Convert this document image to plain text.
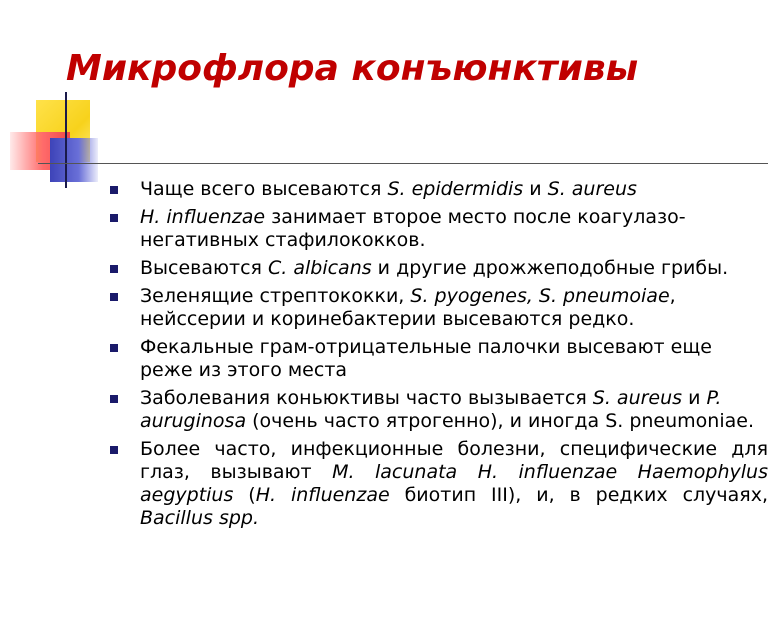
Микрофлора конъюнктивы
Чаще всего высеваются S. epidermidis и S. aureus
H. influenzae занимает второе место после коагулазо-негативных стафилококков.
Высеваются C. albicans и другие дрожжеподобные грибы.
Зеленящие стрептококки, S. pyogenes, S. pneumoiae, нейссерии и коринебактерии высеваются редко.
Фекальные грам-отрицательные палочки высевают еще реже из этого места
Заболевания коньюктивы часто вызывается S. aureus и P. auruginosa (очень часто ятрогенно), и иногда S. pneumoniae.
Более часто, инфекционные болезни, специфические для глаз, вызывают M. lacunata H. influenzae Haemophylus aegyptius (H. influenzae биотип III), и, в редких случаях, Bacillus spp.
